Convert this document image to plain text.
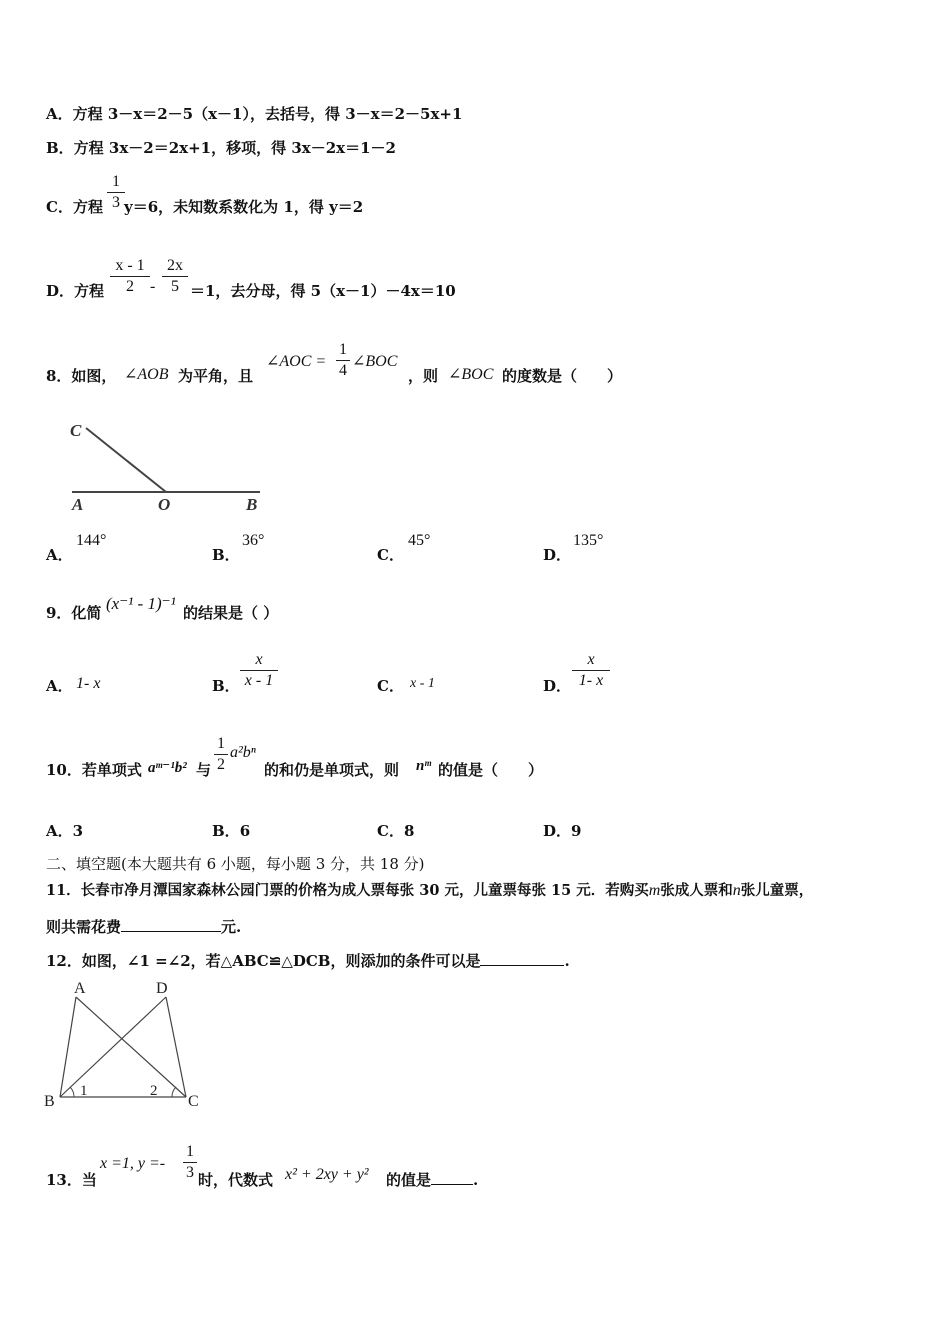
A．方程 3－x＝2－5（x－1），去括号，得 3－x＝2－5x+1
B．方程 3x－2＝2x+1，移项，得 3x－2x＝1－2
C．方程 $\frac{1}{3} y=6$，未知数系数化为 1，得 y＝2
D．方程 $\frac{x - 1}{2} - \frac{2x}{5} =1$，去分母，得 5（x－1）－4x＝10
8．如图， ∠AOB 为平角，且
∠AOC = $\frac{1}{4}$ ∠BOC
，则 ∠BOC 的度数是（　　）
C
A	O	B
A．
144°
B．
36°
C．
45°
D．
135°
9．化简 (x⁻¹ - 1)⁻¹ 的结果是（ ）
A． 1- x	B． $\frac{x}{x - 1}$	C． x - 1	D． $\frac{x}{1- x}$
10．若单项式 aᵐ⁻¹b² 与 $\frac{1}{2} a^2b^n$
的和仍是单项式，则 nᵐ 的值是（　　）
A．3	B．6	C．8	D．9
二、填空题(本大题共有 6 小题，每小题 3 分，共 18 分)
11．长春市净月潭国家森林公园门票的价格为成人票每张 30 元，儿童票每张 15 元．若购买m张成人票和n张儿童票，
则共需花费	元.
12．如图，∠1 =∠2，若△ABC≌△DCB，则添加的条件可以是	.
A	D
B	C
1	2
13．当
x =1, $y =- \frac{1}{3}$ 时，代数式 x² + 2xy + y² 的值是	.
